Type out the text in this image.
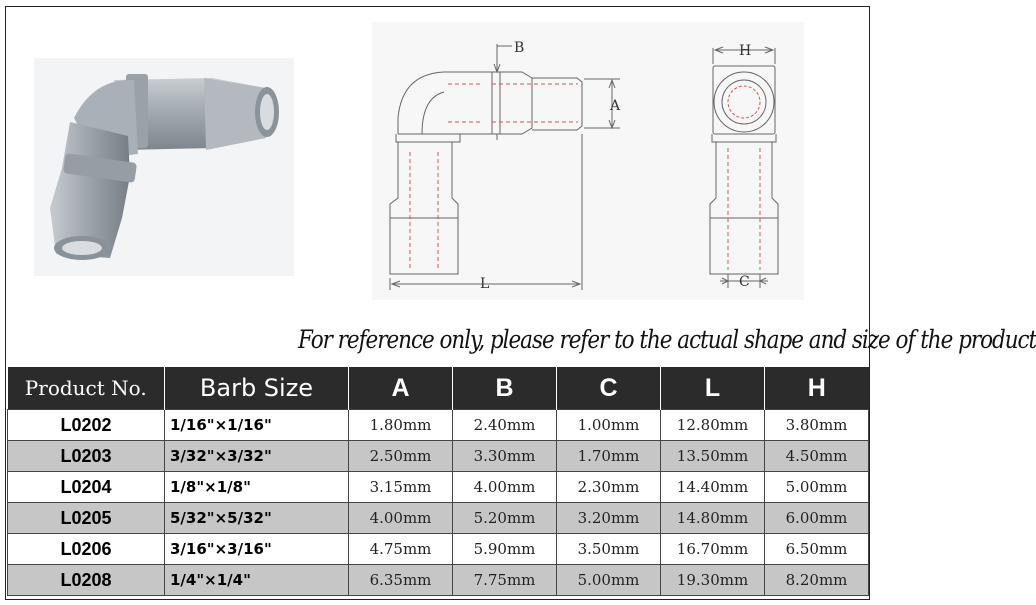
B
A
L
H
C
For reference only, please refer to the actual shape and size of the product
Product No.	Barb Size	A	B	C	L	H
L0202	1/16"×1/16"	1.80mm	2.40mm	1.00mm	12.80mm	3.80mm
L0203	3/32"×3/32"	2.50mm	3.30mm	1.70mm	13.50mm	4.50mm
L0204	1/8"×1/8"	3.15mm	4.00mm	2.30mm	14.40mm	5.00mm
L0205	5/32"×5/32"	4.00mm	5.20mm	3.20mm	14.80mm	6.00mm
L0206	3/16"×3/16"	4.75mm	5.90mm	3.50mm	16.70mm	6.50mm
L0208	1/4"×1/4"	6.35mm	7.75mm	5.00mm	19.30mm	8.20mm
